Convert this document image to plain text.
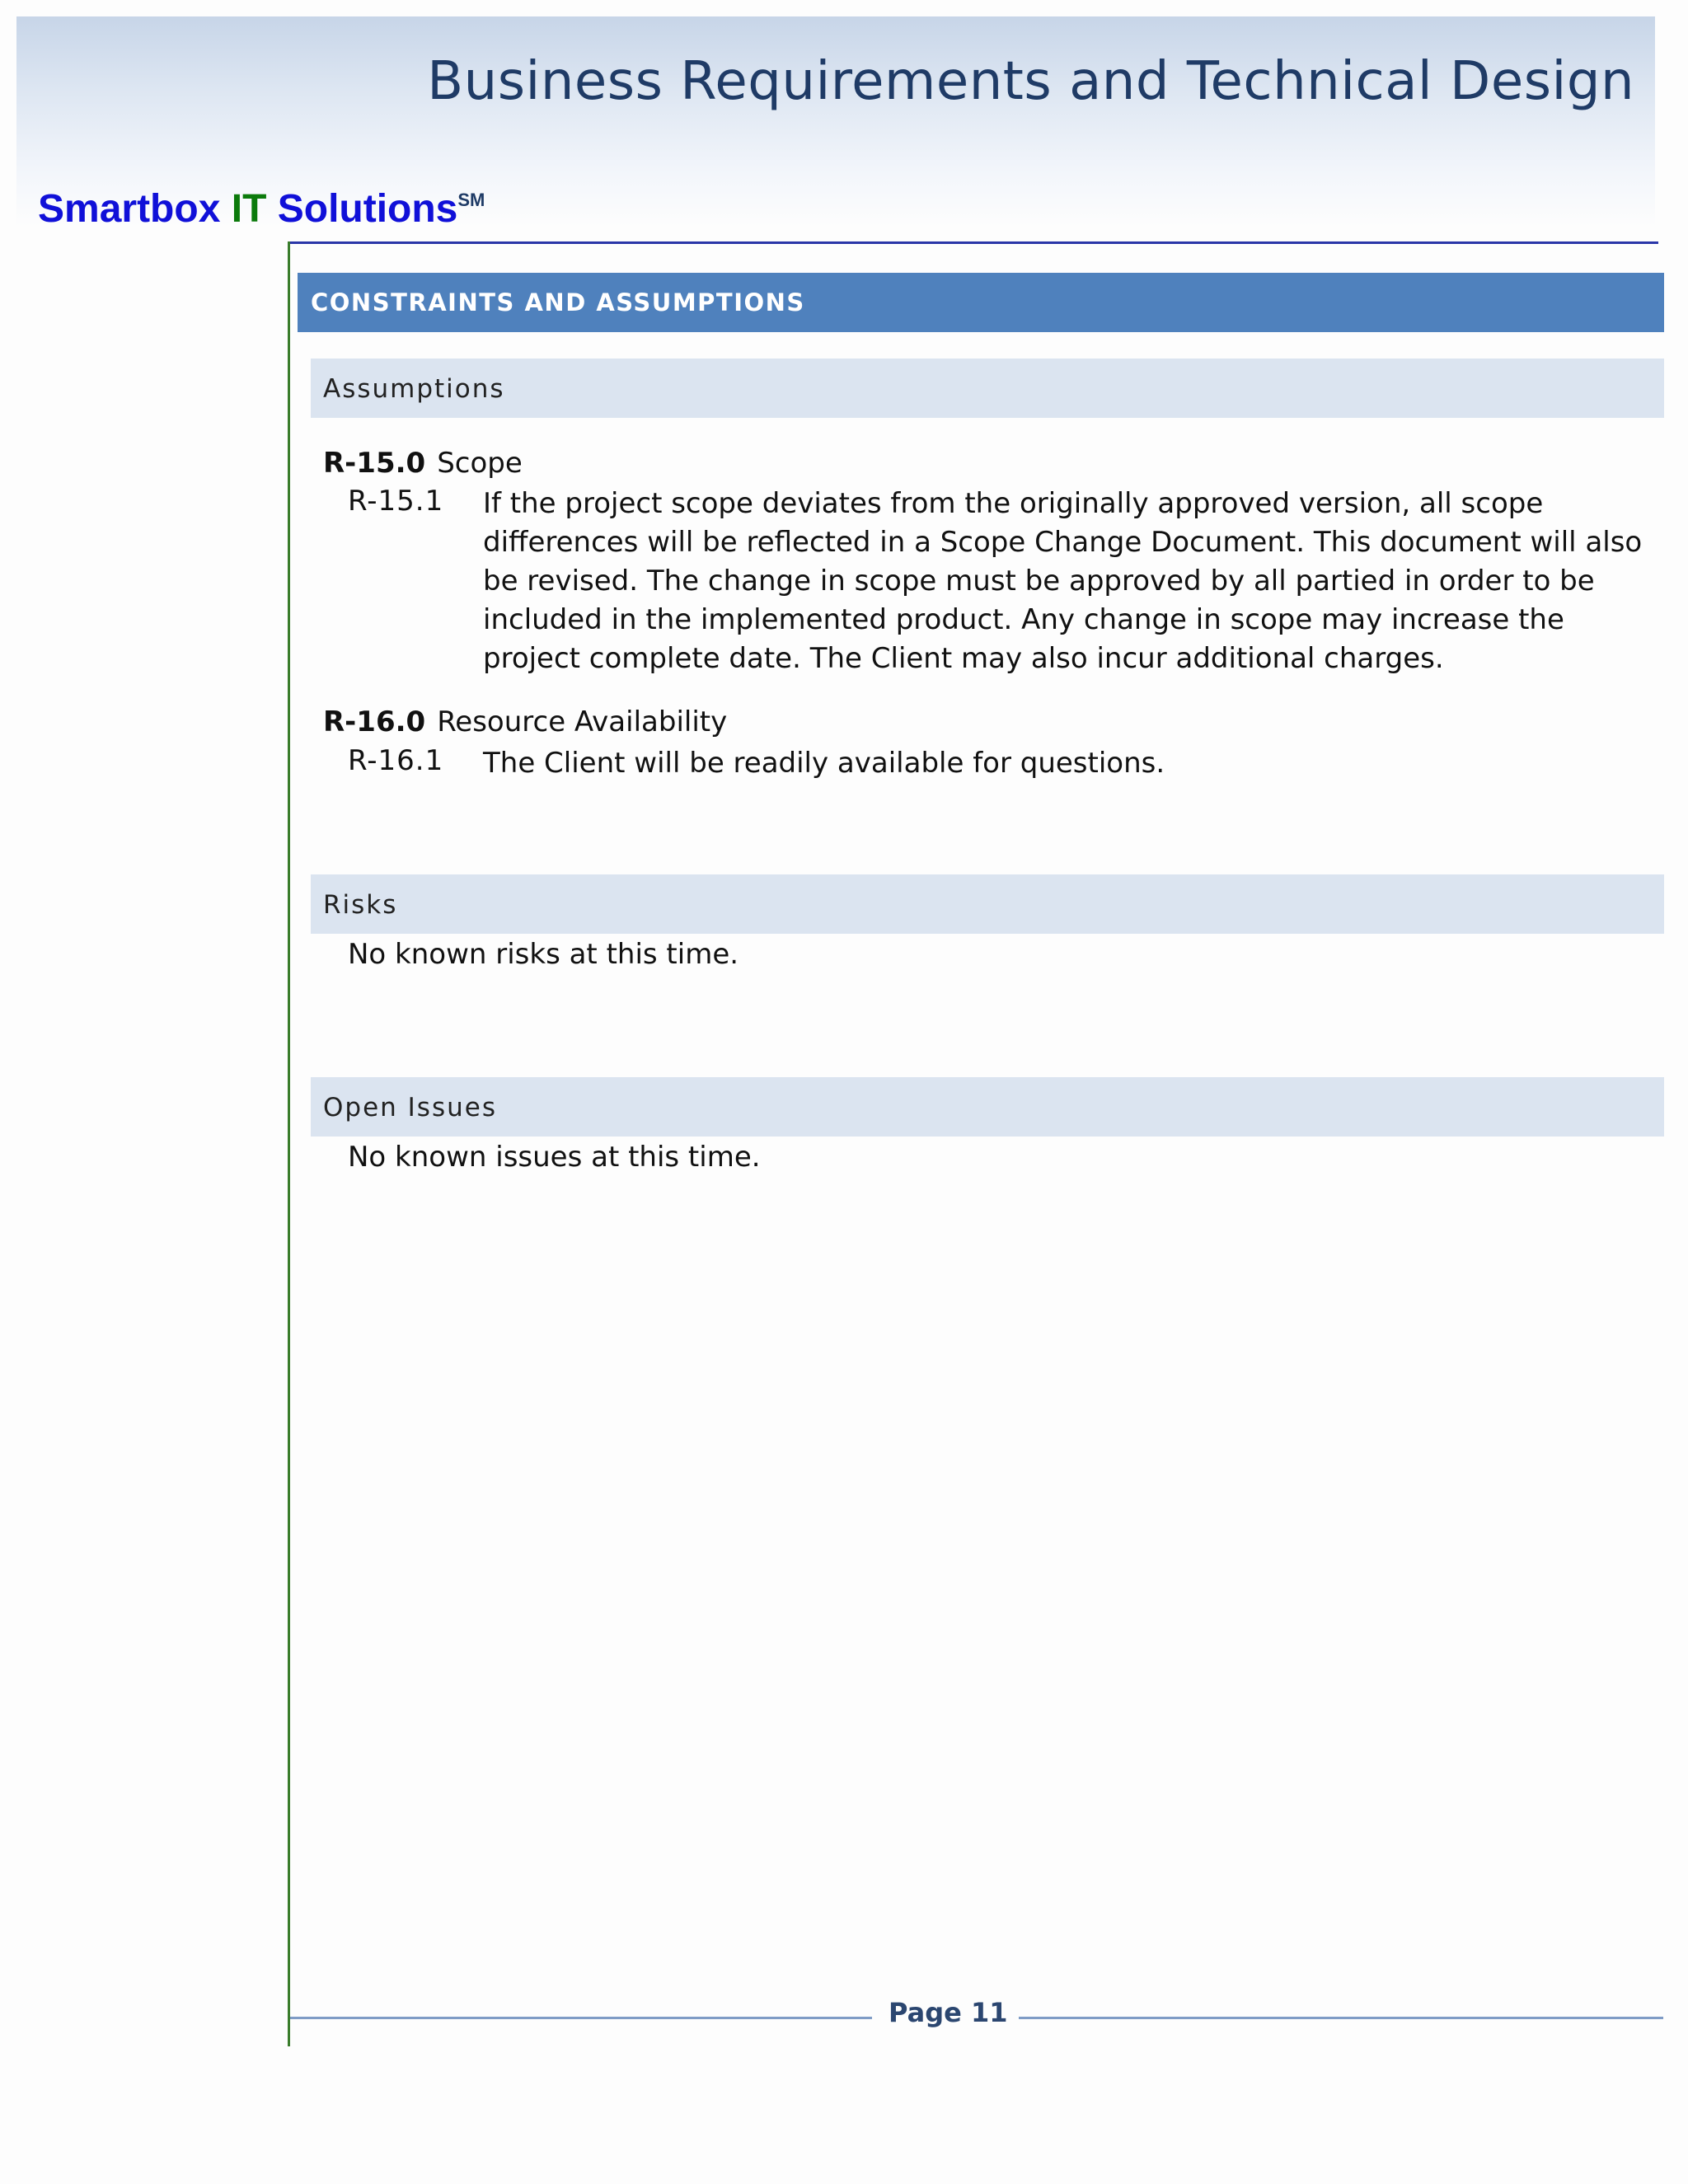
Business Requirements and Technical Design
Smartbox IT Solutions℠
CONSTRAINTS AND ASSUMPTIONS
Assumptions
R-15.0 Scope
R-15.1 If the project scope deviates from the originally approved version, all scope differences will be reflected in a Scope Change Document. This document will also be revised. The change in scope must be approved by all partied in order to be included in the implemented product. Any change in scope may increase the project complete date. The Client may also incur additional charges.
R-16.0 Resource Availability
R-16.1 The Client will be readily available for questions.
Risks
No known risks at this time.
Open Issues
No known issues at this time.
Page 11
